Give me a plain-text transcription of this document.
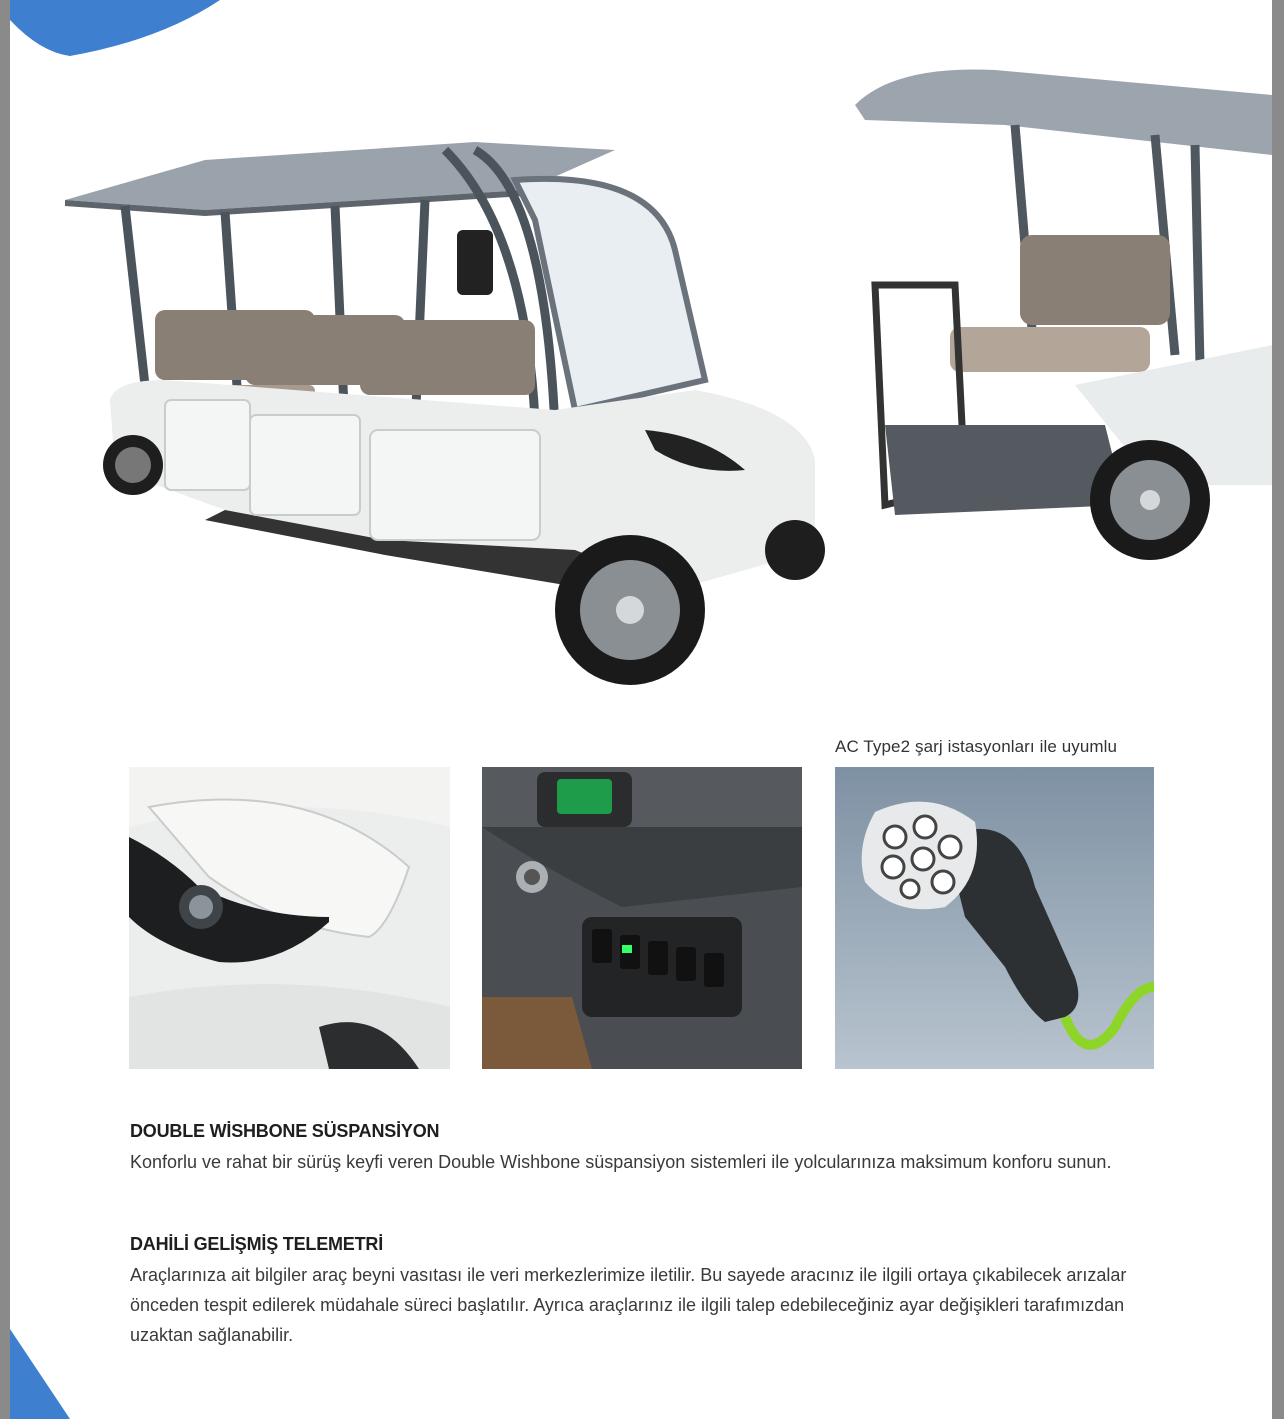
AC Type2 şarj istasyonları ile uyumlu
DOUBLE WİSHBONE SÜSPANSİYON

Konforlu ve rahat bir sürüş keyfi veren Double Wishbone süspansiyon sistemleri ile yolcularınıza maksimum konforu sunun.

DAHİLİ GELİŞMİŞ TELEMETRİ

Araçlarınıza ait bilgiler araç beyni vasıtası ile veri merkezlerimize iletilir. Bu sayede aracınız ile ilgili ortaya çıkabilecek arızalar önceden tespit edilerek müdahale süreci başlatılır. Ayrıca araçlarınız ile ilgili talep edebileceğiniz ayar değişikleri tarafımızdan uzaktan sağlanabilir.
